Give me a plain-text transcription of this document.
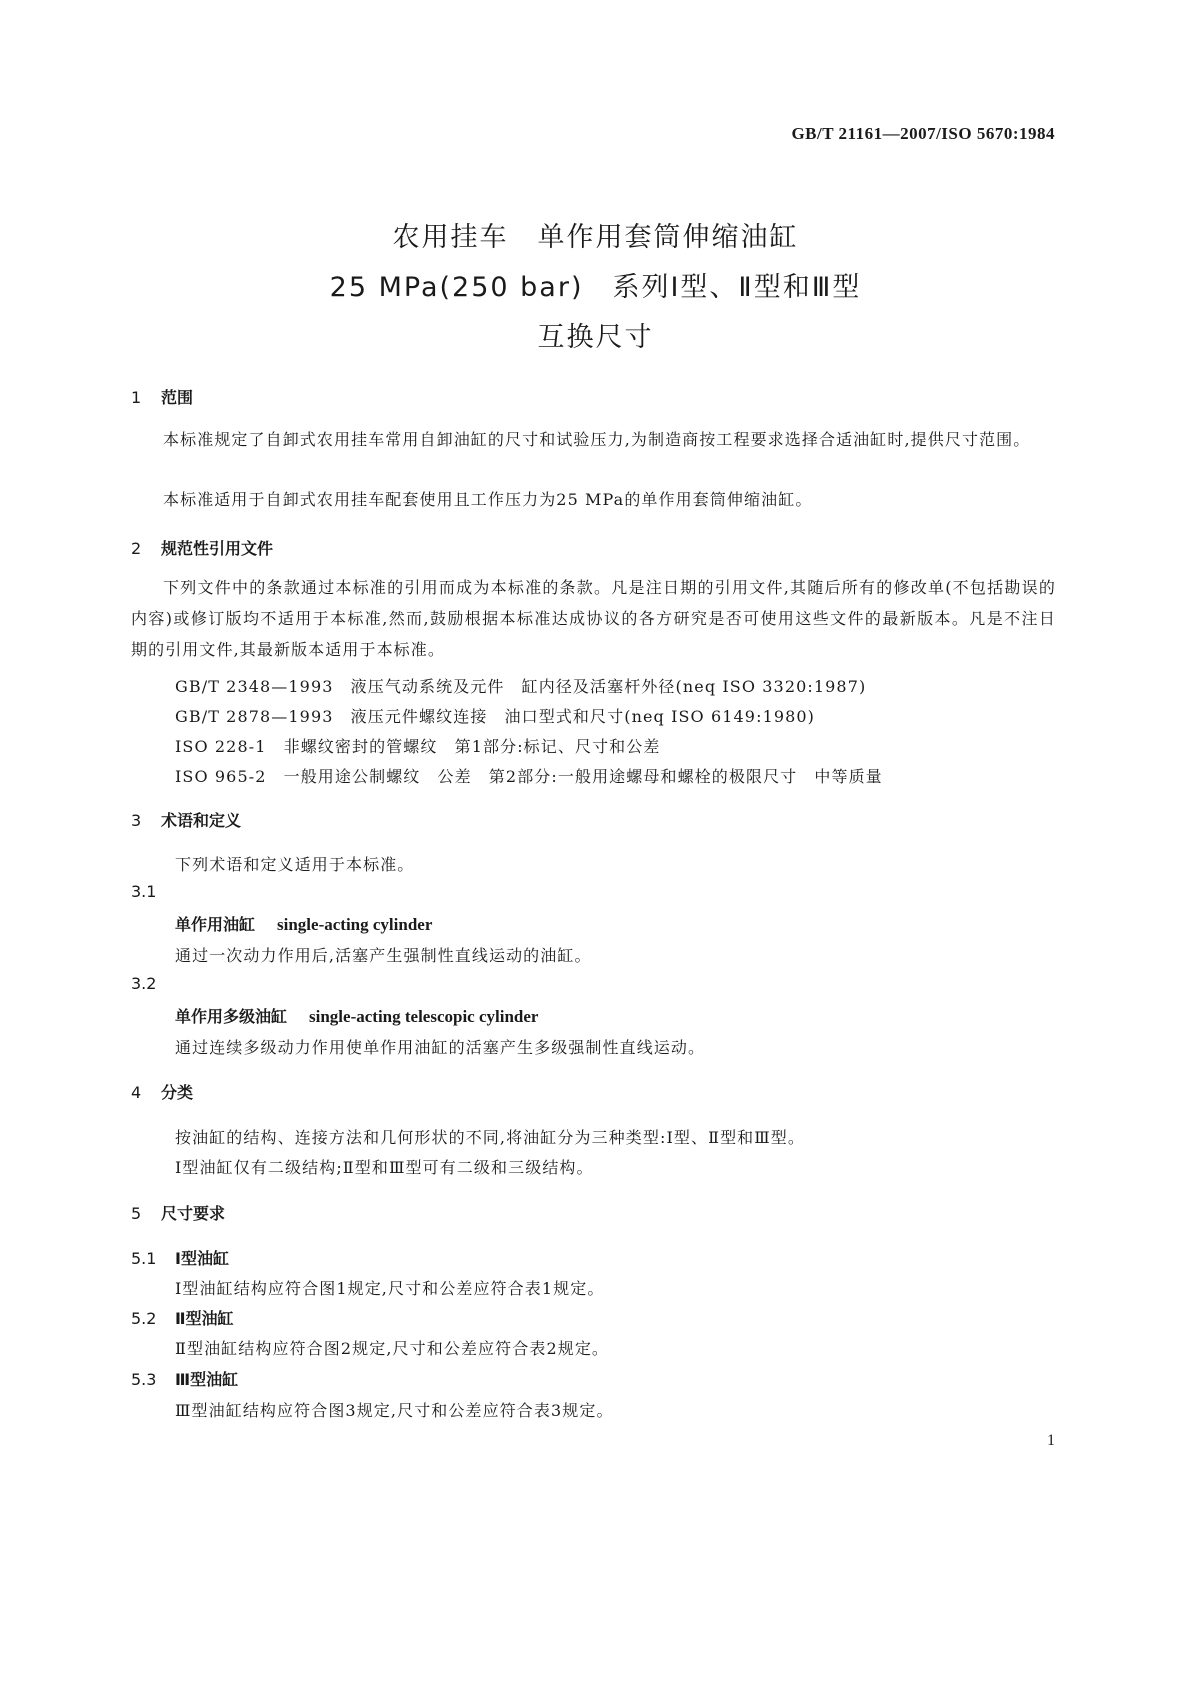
GB/T 21161—2007/ISO 5670:1984
农用挂车　单作用套筒伸缩油缸
25 MPa(250 bar)　系列Ⅰ型、Ⅱ型和Ⅲ型
互换尺寸
1 范围
本标准规定了自卸式农用挂车常用自卸油缸的尺寸和试验压力,为制造商按工程要求选择合适油缸时,提供尺寸范围。
本标准适用于自卸式农用挂车配套使用且工作压力为25 MPa的单作用套筒伸缩油缸。
2 规范性引用文件
下列文件中的条款通过本标准的引用而成为本标准的条款。凡是注日期的引用文件,其随后所有的修改单(不包括勘误的内容)或修订版均不适用于本标准,然而,鼓励根据本标准达成协议的各方研究是否可使用这些文件的最新版本。凡是不注日期的引用文件,其最新版本适用于本标准。
GB/T 2348—1993　液压气动系统及元件　缸内径及活塞杆外径(neq ISO 3320:1987)
GB/T 2878—1993　液压元件螺纹连接　油口型式和尺寸(neq ISO 6149:1980)
ISO 228-1　非螺纹密封的管螺纹　第1部分:标记、尺寸和公差
ISO 965-2　一般用途公制螺纹　公差　第2部分:一般用途螺母和螺栓的极限尺寸　中等质量
3 术语和定义
下列术语和定义适用于本标准。
3.1
单作用油缸 single-acting cylinder
通过一次动力作用后,活塞产生强制性直线运动的油缸。
3.2
单作用多级油缸 single-acting telescopic cylinder
通过连续多级动力作用使单作用油缸的活塞产生多级强制性直线运动。
4 分类
按油缸的结构、连接方法和几何形状的不同,将油缸分为三种类型:Ⅰ型、Ⅱ型和Ⅲ型。
Ⅰ型油缸仅有二级结构;Ⅱ型和Ⅲ型可有二级和三级结构。
5 尺寸要求
5.1 Ⅰ型油缸
Ⅰ型油缸结构应符合图1规定,尺寸和公差应符合表1规定。
5.2 Ⅱ型油缸
Ⅱ型油缸结构应符合图2规定,尺寸和公差应符合表2规定。
5.3 Ⅲ型油缸
Ⅲ型油缸结构应符合图3规定,尺寸和公差应符合表3规定。
1
